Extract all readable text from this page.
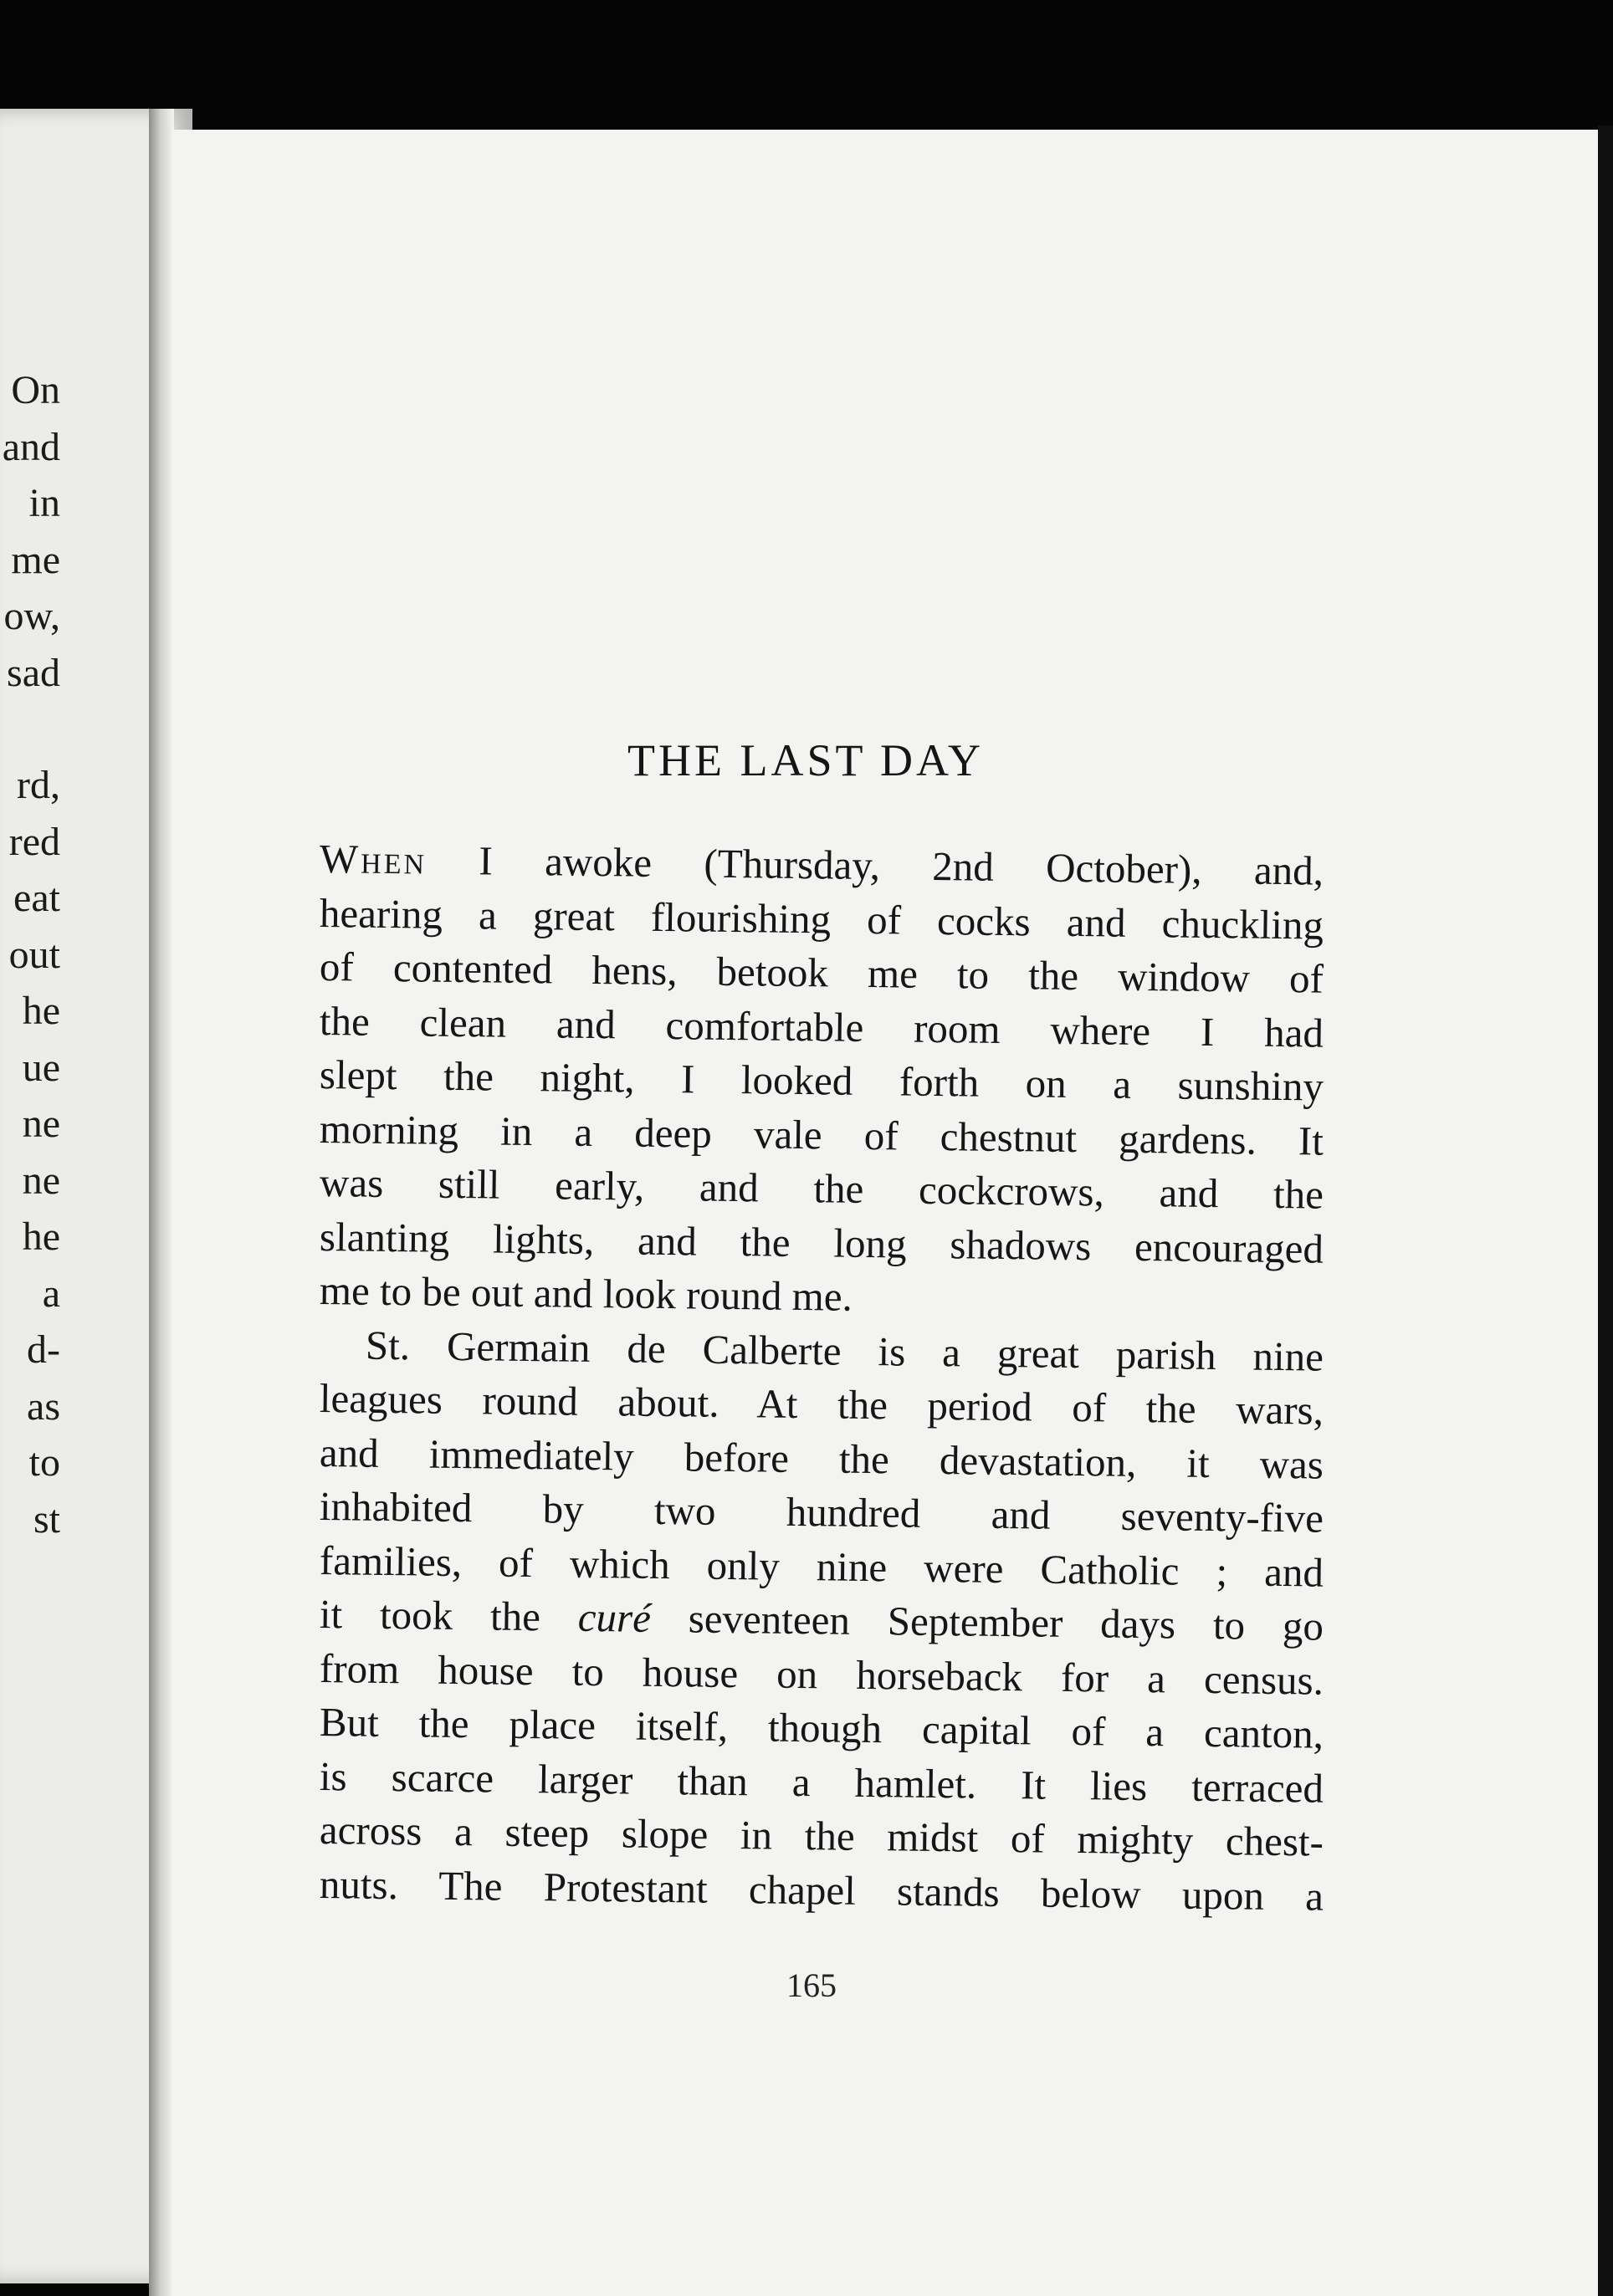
On
and
in
me
ow,
sad
rd,
red
eat
out
he
ue
ne
ne
he
a
d-
as
to
st
THE LAST DAY

When I awoke (Thursday, 2nd October), and,
hearing a great flourishing of cocks and chuckling
of contented hens, betook me to the window of
the clean and comfortable room where I had
slept the night, I looked forth on a sunshiny
morning in a deep vale of chestnut gardens. It
was still early, and the cockcrows, and the
slanting lights, and the long shadows encouraged
me to be out and look round me.

St. Germain de Calberte is a great parish nine
leagues round about. At the period of the wars,
and immediately before the devastation, it was
inhabited by two hundred and seventy-five
families, of which only nine were Catholic ; and
it took the curé seventeen September days to go
from house to house on horseback for a census.
But the place itself, though capital of a canton,
is scarce larger than a hamlet. It lies terraced
across a steep slope in the midst of mighty chest-
nuts. The Protestant chapel stands below upon a

165
